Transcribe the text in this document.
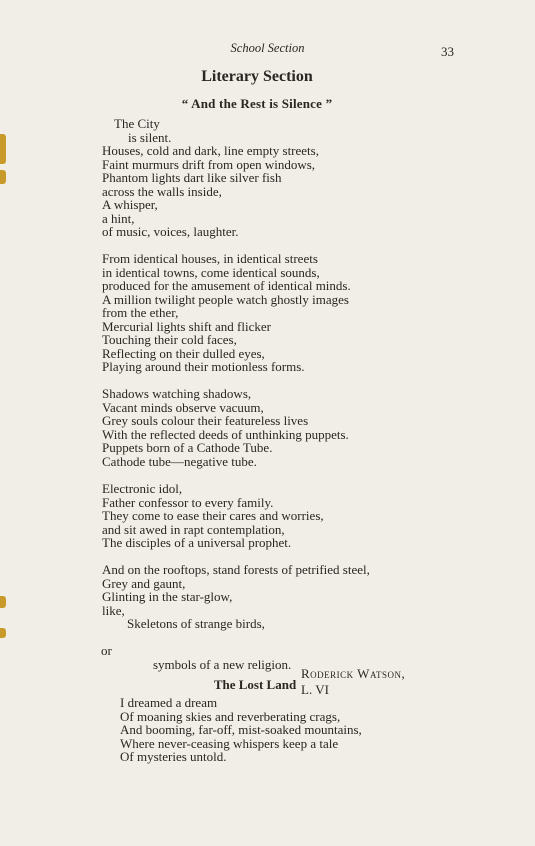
School Section	33
Literary Section
“ And the Rest is Silence ”
The City
is silent.
Houses, cold and dark, line empty streets,
Faint murmurs drift from open windows,
Phantom lights dart like silver fish
across the walls inside,
A whisper,
a hint,
of music, voices, laughter.
From identical houses, in identical streets
in identical towns, come identical sounds,
produced for the amusement of identical minds.
A million twilight people watch ghostly images
from the ether,
Mercurial lights shift and flicker
Touching their cold faces,
Reflecting on their dulled eyes,
Playing around their motionless forms.
Shadows watching shadows,
Vacant minds observe vacuum,
Grey souls colour their featureless lives
With the reflected deeds of unthinking puppets.
Puppets born of a Cathode Tube.
Cathode tube—negative tube.
Electronic idol,
Father confessor to every family.
They come to ease their cares and worries,
and sit awed in rapt contemplation,
The disciples of a universal prophet.
And on the rooftops, stand forests of petrified steel,
Grey and gaunt,
Glinting in the star-glow,
like,
Skeletons of strange birds,

or

symbols of a new religion.

Roderick Watson,
L. VI

The Lost Land
I dreamed a dream
Of moaning skies and reverberating crags,
And booming, far-off, mist-soaked mountains,
Where never-ceasing whispers keep a tale
Of mysteries untold.
